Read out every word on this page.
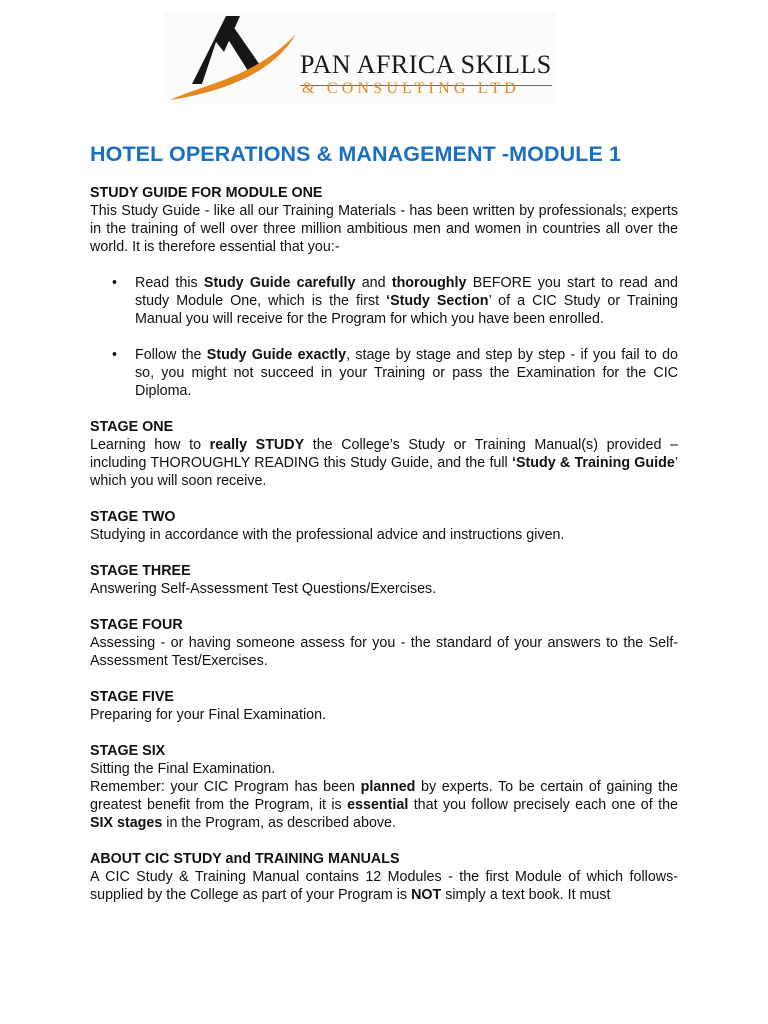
PAN AFRICA SKILLS
& CONSULTING LTD
HOTEL OPERATIONS & MANAGEMENT -MODULE 1
STUDY GUIDE FOR MODULE ONE
This Study Guide - like all our Training Materials - has been written by professionals; experts in the training of well over three million ambitious men and women in countries all over the world. It is therefore essential that you:-
• Read this Study Guide carefully and thoroughly BEFORE you start to read and study Module One, which is the first ‘Study Section’ of a CIC Study or Training Manual you will receive for the Program for which you have been enrolled.
• Follow the Study Guide exactly, stage by stage and step by step - if you fail to do so, you might not succeed in your Training or pass the Examination for the CIC Diploma.
STAGE ONE
Learning how to really STUDY the College’s Study or Training Manual(s) provided – including THOROUGHLY READING this Study Guide, and the full ‘Study & Training Guide’ which you will soon receive.
STAGE TWO
Studying in accordance with the professional advice and instructions given.
STAGE THREE
Answering Self-Assessment Test Questions/Exercises.
STAGE FOUR
Assessing - or having someone assess for you - the standard of your answers to the Self-Assessment Test/Exercises.
STAGE FIVE
Preparing for your Final Examination.
STAGE SIX
Sitting the Final Examination.
Remember: your CIC Program has been planned by experts. To be certain of gaining the greatest benefit from the Program, it is essential that you follow precisely each one of the SIX stages in the Program, as described above.
ABOUT CIC STUDY and TRAINING MANUALS
A CIC Study & Training Manual contains 12 Modules - the first Module of which follows- supplied by the College as part of your Program is NOT simply a text book. It must
